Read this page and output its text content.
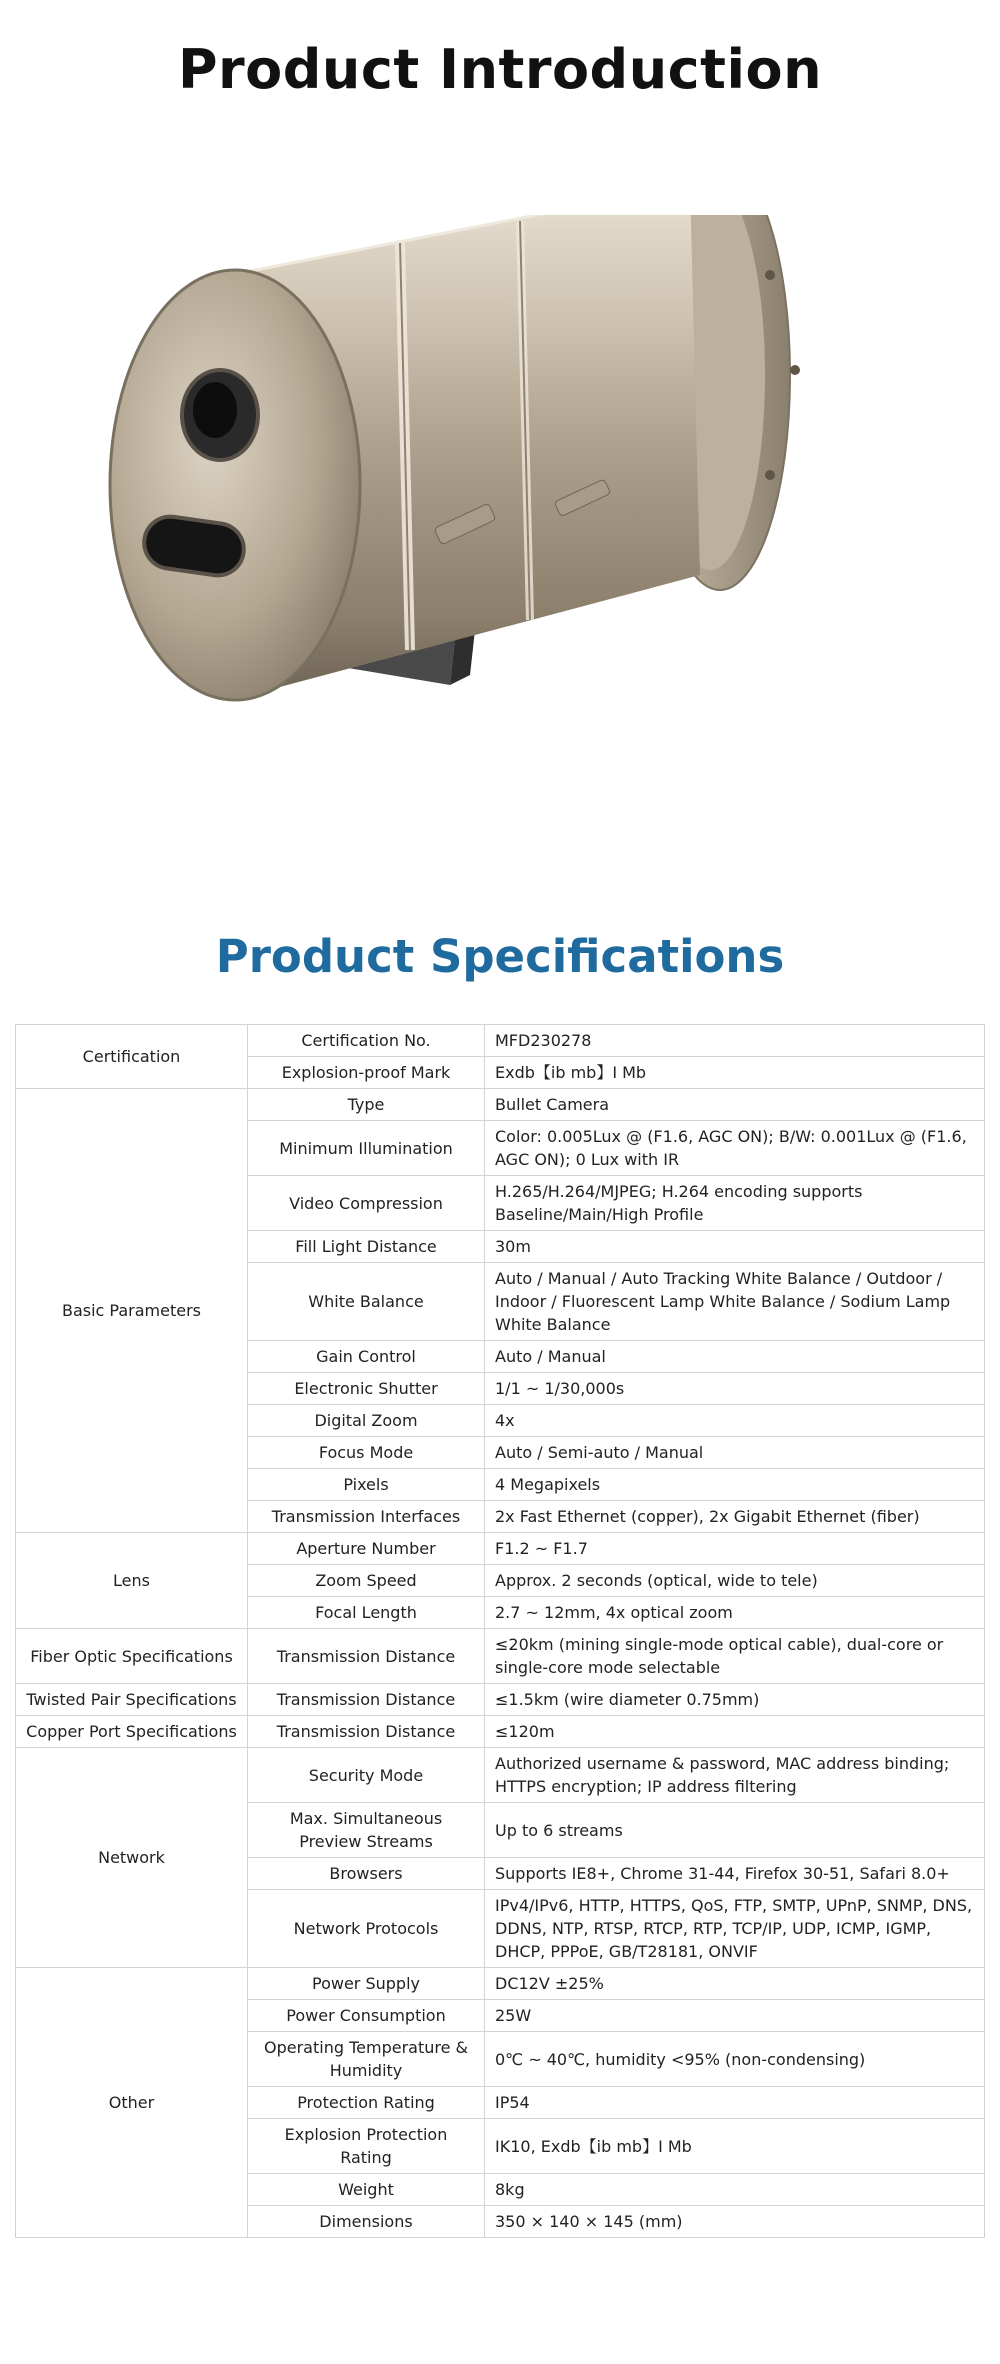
Product Introduction
Product Specifications
Certification	Certification No.	MFD230278
	Explosion-proof Mark	Exdb【ib mb】I Mb
Basic Parameters	Type	Bullet Camera
	Minimum Illumination	Color: 0.005Lux @ (F1.6, AGC ON); B/W: 0.001Lux @ (F1.6, AGC ON); 0 Lux with IR
	Video Compression	H.265/H.264/MJPEG; H.264 encoding supports Baseline/Main/High Profile
	Fill Light Distance	30m
	White Balance	Auto / Manual / Auto Tracking White Balance / Outdoor / Indoor / Fluorescent Lamp White Balance / Sodium Lamp White Balance
	Gain Control	Auto / Manual
	Electronic Shutter	1/1 ~ 1/30,000s
	Digital Zoom	4x
	Focus Mode	Auto / Semi-auto / Manual
	Pixels	4 Megapixels
	Transmission Interfaces	2x Fast Ethernet (copper), 2x Gigabit Ethernet (fiber)
Lens	Aperture Number	F1.2 ~ F1.7
	Zoom Speed	Approx. 2 seconds (optical, wide to tele)
	Focal Length	2.7 ~ 12mm, 4x optical zoom
Fiber Optic Specifications	Transmission Distance	≤20km (mining single-mode optical cable), dual-core or single-core mode selectable
Twisted Pair Specifications	Transmission Distance	≤1.5km (wire diameter 0.75mm)
Copper Port Specifications	Transmission Distance	≤120m
Network	Security Mode	Authorized username & password, MAC address binding; HTTPS encryption; IP address filtering
	Max. Simultaneous Preview Streams	Up to 6 streams
	Browsers	Supports IE8+, Chrome 31-44, Firefox 30-51, Safari 8.0+
	Network Protocols	IPv4/IPv6, HTTP, HTTPS, QoS, FTP, SMTP, UPnP, SNMP, DNS, DDNS, NTP, RTSP, RTCP, RTP, TCP/IP, UDP, ICMP, IGMP, DHCP, PPPoE, GB/T28181, ONVIF
Other	Power Supply	DC12V ±25%
	Power Consumption	25W
	Operating Temperature & Humidity	0℃ ~ 40℃, humidity <95% (non-condensing)
	Protection Rating	IP54
	Explosion Protection Rating	IK10, Exdb【ib mb】I Mb
	Weight	8kg
	Dimensions	350 × 140 × 145 (mm)
